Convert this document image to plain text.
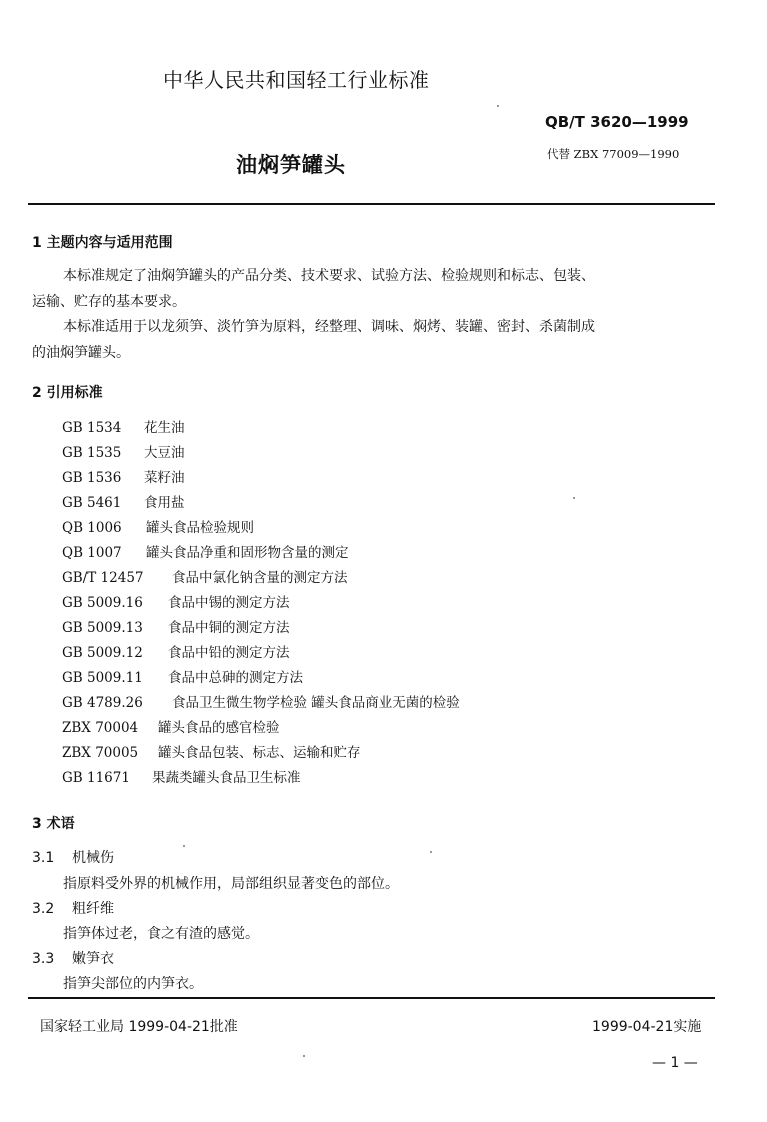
中华人民共和国轻工行业标准
QB/T 3620—1999
油焖笋罐头	代替 ZBX 77009—1990
1 主题内容与适用范围
本标准规定了油焖笋罐头的产品分类、技术要求、试验方法、检验规则和标志、包装、
运输、贮存的基本要求。
本标准适用于以龙须笋、淡竹笋为原料，经整理、调味、焖烤、装罐、密封、杀菌制成
的油焖笋罐头。
2 引用标准
GB 1534 花生油
GB 1535 大豆油
GB 1536 菜籽油
GB 5461 食用盐
QB 1006 罐头食品检验规则
QB 1007 罐头食品净重和固形物含量的测定
GB/T 12457 食品中氯化钠含量的测定方法
GB 5009.16 食品中锡的测定方法
GB 5009.13 食品中铜的测定方法
GB 5009.12 食品中铅的测定方法
GB 5009.11 食品中总砷的测定方法
GB 4789.26 食品卫生微生物学检验 罐头食品商业无菌的检验
ZBX 70004 罐头食品的感官检验
ZBX 70005 罐头食品包装、标志、运输和贮存
GB 11671 果蔬类罐头食品卫生标准
3 术语
3.1 机械伤
指原料受外界的机械作用，局部组织显著变色的部位。
3.2 粗纤维
指笋体过老，食之有渣的感觉。
3.3 嫩笋衣
指笋尖部位的内笋衣。
国家轻工业局 1999-04-21批准	1999-04-21实施
— 1 —
